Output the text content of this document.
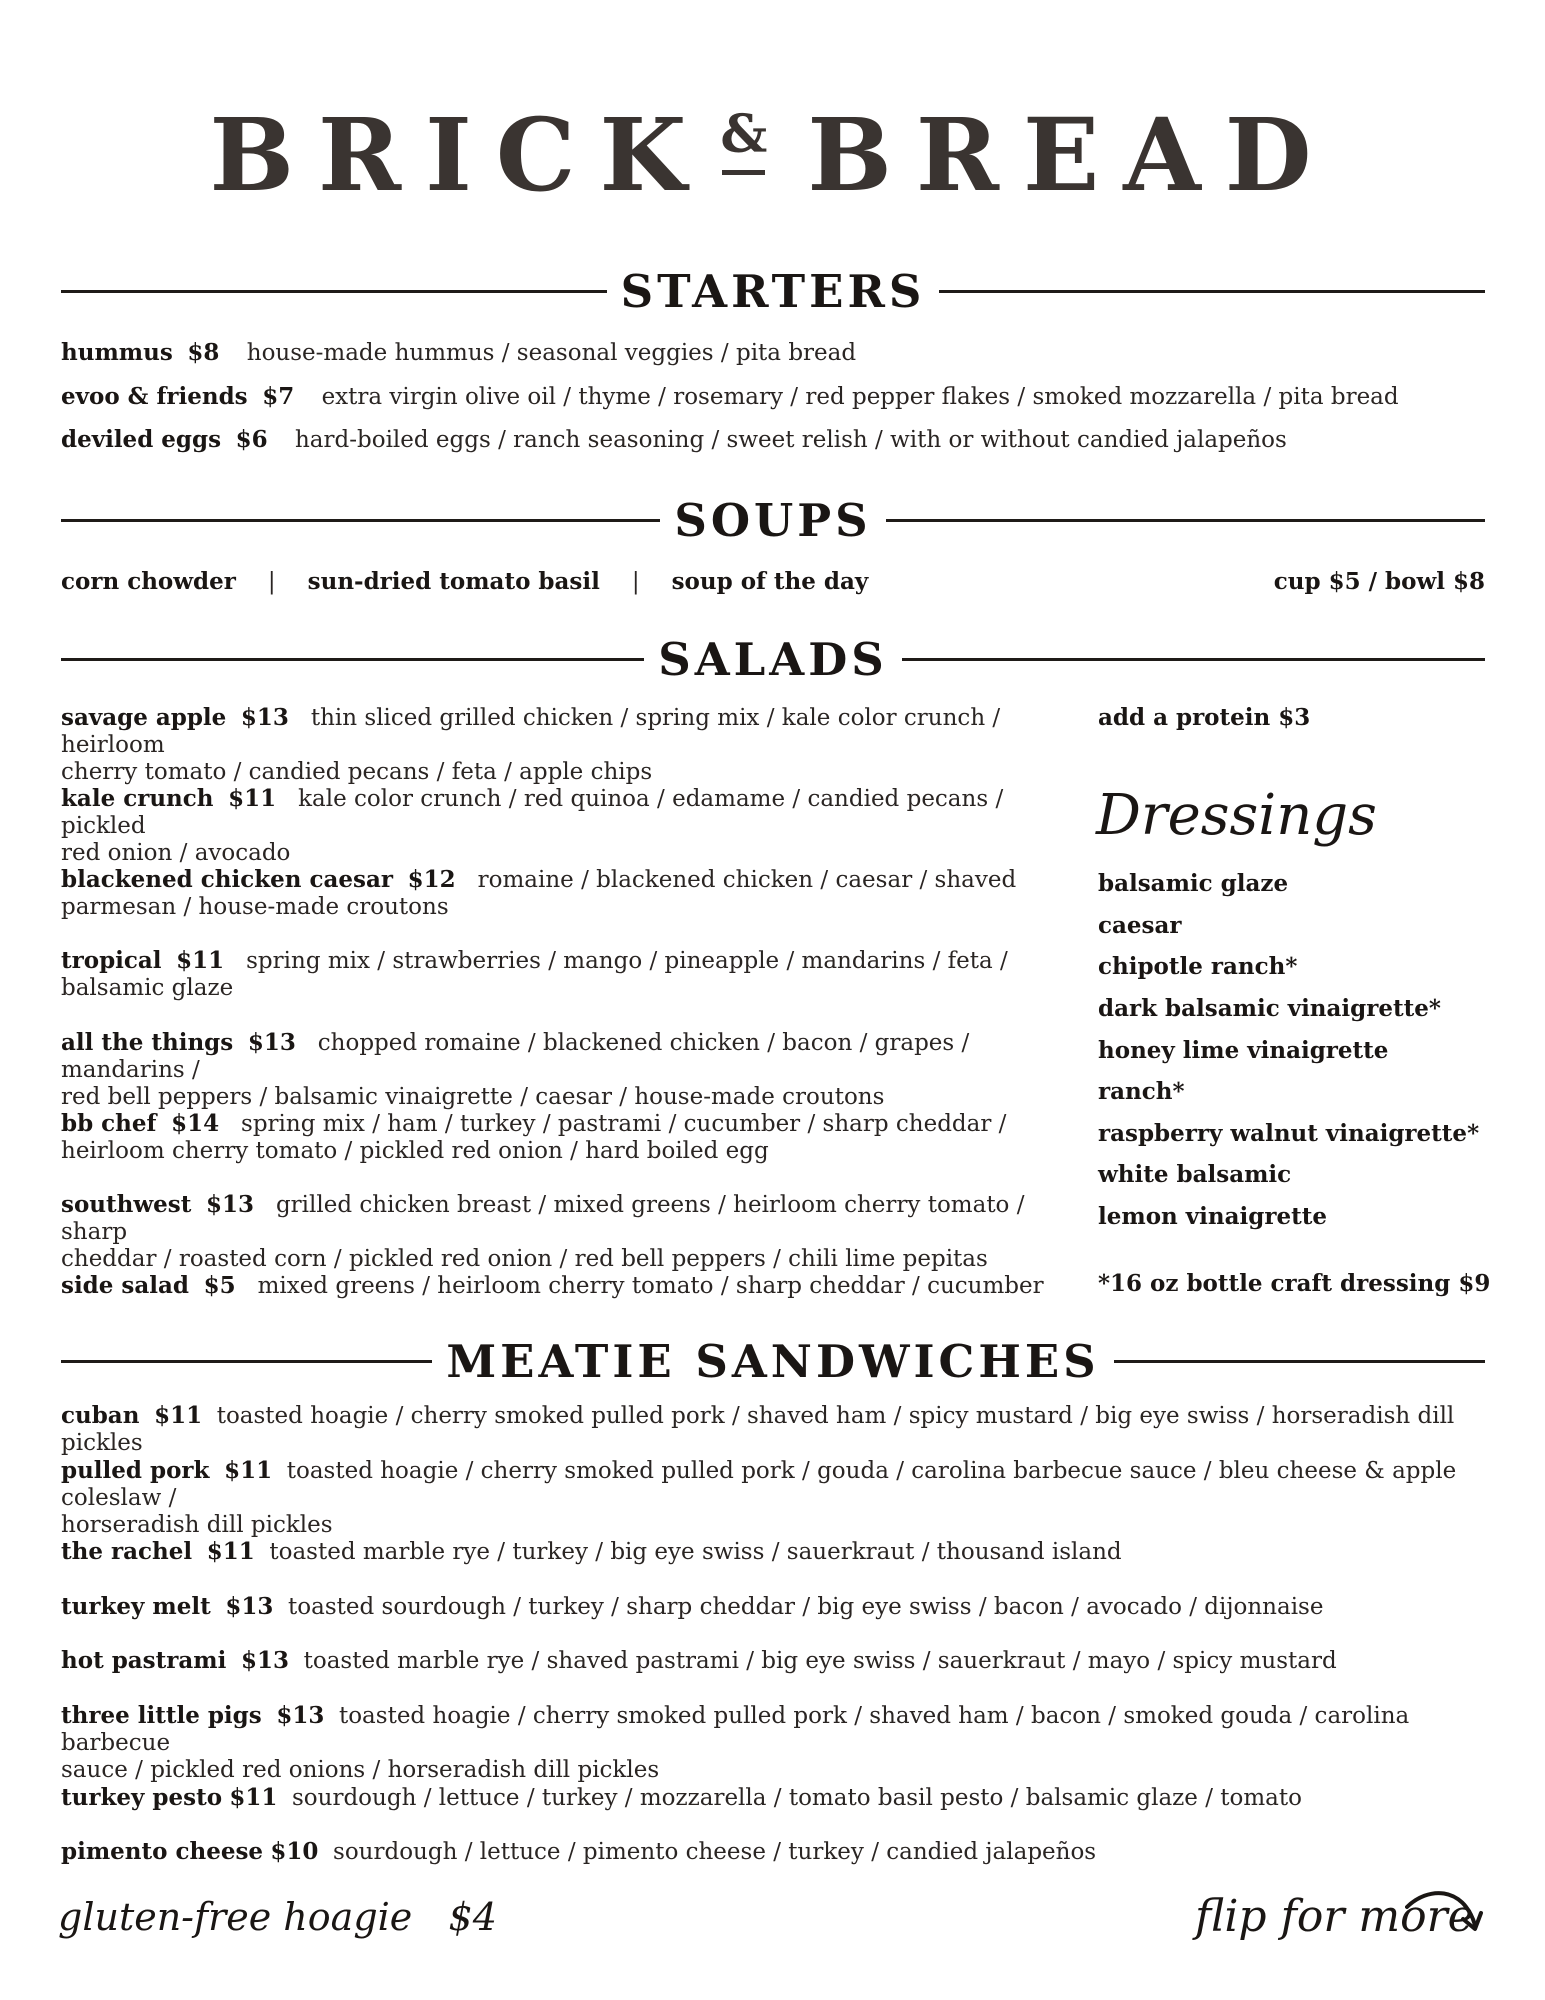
BRICK & BREAD
STARTERS
hummus $8 house-made hummus / seasonal veggies / pita bread
evoo & friends $7 extra virgin olive oil / thyme / rosemary / red pepper flakes / smoked mozzarella / pita bread
deviled eggs $6 hard-boiled eggs / ranch seasoning / sweet relish / with or without candied jalapeños
SOUPS
corn chowder | sun-dried tomato basil | soup of the day	cup $5 / bowl $8
SALADS
savage apple $13 thin sliced grilled chicken / spring mix / kale color crunch / heirloom
cherry tomato / candied pecans / feta / apple chips
kale crunch $11 kale color crunch / red quinoa / edamame / candied pecans / pickled
red onion / avocado
blackened chicken caesar $12 romaine / blackened chicken / caesar / shaved
parmesan / house-made croutons
tropical $11 spring mix / strawberries / mango / pineapple / mandarins / feta /
balsamic glaze
all the things $13 chopped romaine / blackened chicken / bacon / grapes / mandarins /
red bell peppers / balsamic vinaigrette / caesar / house-made croutons
bb chef $14 spring mix / ham / turkey / pastrami / cucumber / sharp cheddar /
heirloom cherry tomato / pickled red onion / hard boiled egg
southwest $13 grilled chicken breast / mixed greens / heirloom cherry tomato / sharp
cheddar / roasted corn / pickled red onion / red bell peppers / chili lime pepitas
side salad $5 mixed greens / heirloom cherry tomato / sharp cheddar / cucumber
add a protein $3
Dressings
balsamic glaze
caesar
chipotle ranch*
dark balsamic vinaigrette*
honey lime vinaigrette
ranch*
raspberry walnut vinaigrette*
white balsamic
lemon vinaigrette
*16 oz bottle craft dressing $9
MEATIE SANDWICHES
cuban $11 toasted hoagie / cherry smoked pulled pork / shaved ham / spicy mustard / big eye swiss / horseradish dill pickles
pulled pork $11 toasted hoagie / cherry smoked pulled pork / gouda / carolina barbecue sauce / bleu cheese & apple coleslaw /
horseradish dill pickles
the rachel $11 toasted marble rye / turkey / big eye swiss / sauerkraut / thousand island
turkey melt $13 toasted sourdough / turkey / sharp cheddar / big eye swiss / bacon / avocado / dijonnaise
hot pastrami $13 toasted marble rye / shaved pastrami / big eye swiss / sauerkraut / mayo / spicy mustard
three little pigs $13 toasted hoagie / cherry smoked pulled pork / shaved ham / bacon / smoked gouda / carolina barbecue
sauce / pickled red onions / horseradish dill pickles
turkey pesto $11 sourdough / lettuce / turkey / mozzarella / tomato basil pesto / balsamic glaze / tomato
pimento cheese $10 sourdough / lettuce / pimento cheese / turkey / candied jalapeños
gluten-free hoagie $4	flip for more
